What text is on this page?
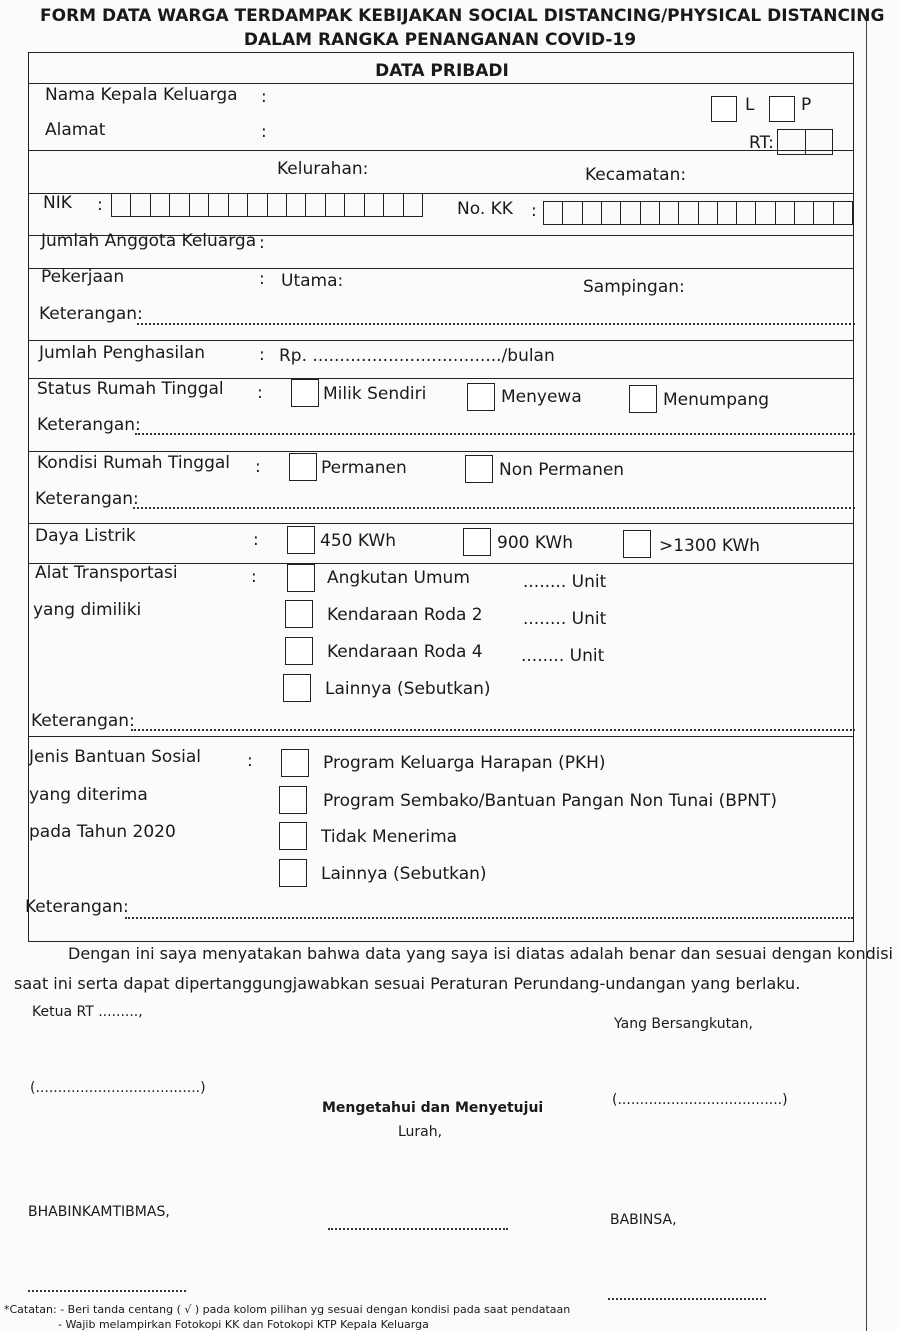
FORM DATA WARGA TERDAMPAK KEBIJAKAN SOCIAL DISTANCING/PHYSICAL DISTANCING
DALAM RANGKA PENANGANAN COVID-19
DATA PRIBADI
Nama Kepala Keluarga :	L	P
Alamat	:
RT:
Kelurahan:	Kecamatan:
NIK :	No. KK :
Jumlah Anggota Keluarga :
Pekerjaan	: Utama:	Sampingan:
Keterangan:
Jumlah Penghasilan	: Rp. .................................../bulan
Status Rumah Tinggal :	Milik Sendiri	Menyewa	Menumpang
Keterangan:
Kondisi Rumah Tinggal :	Permanen	Non Permanen
Keterangan:
Daya Listrik	:	450 KWh	900 KWh	>1300 KWh
Alat Transportasi
yang dimiliki
:	Angkutan Umum	........ Unit
Kendaraan Roda 2 ........ Unit
Kendaraan Roda 4 ........ Unit
Lainnya (Sebutkan)
Keterangan:
Jenis Bantuan Sosial
yang diterima
pada Tahun 2020
:	Program Keluarga Harapan (PKH)
Program Sembako/Bantuan Pangan Non Tunai (BPNT)
Tidak Menerima
Lainnya (Sebutkan)
Keterangan:
Dengan ini saya menyatakan bahwa data yang saya isi diatas adalah benar dan sesuai dengan kondisi
saat ini serta dapat dipertanggungjawabkan sesuai Peraturan Perundang-undangan yang berlaku.
Ketua RT .........,
Yang Bersangkutan,
(.....................................)
(.....................................)
Mengetahui dan Menyetujui
Lurah,
BHABINKAMTIBMAS,	BABINSA,
*Catatan: - Beri tanda centang ( √ ) pada kolom pilihan yg sesuai dengan kondisi pada saat pendataan
- Wajib melampirkan Fotokopi KK dan Fotokopi KTP Kepala Keluarga
